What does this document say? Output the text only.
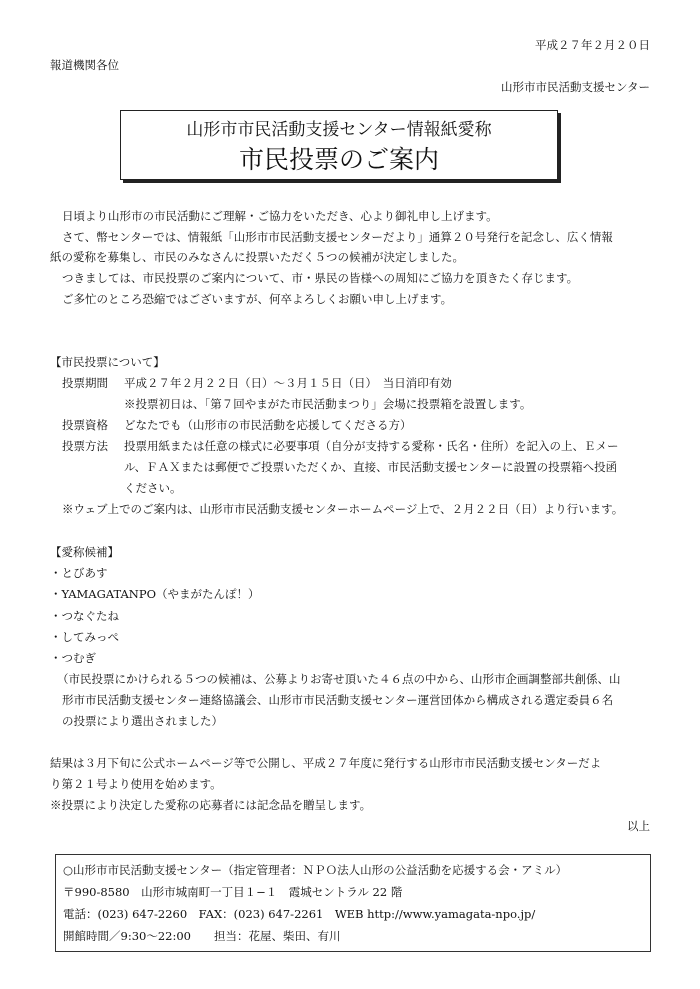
平成２７年２月２０日
報道機関各位
山形市市民活動支援センター
山形市市民活動支援センター情報紙愛称
市民投票のご案内
日頃より山形市の市民活動にご理解・ご協力をいただき、心より御礼申し上げます。
さて、幣センターでは、情報紙「山形市市民活動支援センターだより」通算２０号発行を記念し、広く情報
紙の愛称を募集し、市民のみなさんに投票いただく５つの候補が決定しました。
つきましては、市民投票のご案内について、市・県民の皆様への周知にご協力を頂きたく存じます。
ご多忙のところ恐縮ではございますが、何卒よろしくお願い申し上げます。
【市民投票について】
投票期間 平成２７年２月２２日（日）～３月１５日（日）　当日消印有効
※投票初日は、「第７回やまがた市民活動まつり」会場に投票箱を設置します。
投票資格 どなたでも（山形市の市民活動を応援してくださる方）
投票方法 投票用紙または任意の様式に必要事項（自分が支持する愛称・氏名・住所）を記入の上、Ｅメー
ル、ＦＡＸまたは郵便でご投票いただくか、直接、市民活動支援センターに設置の投票箱へ投函
ください。
※ウェブ上でのご案内は、山形市市民活動支援センターホームページ上で、２月２２日（日）より行います。
【愛称候補】
・とびあす
・YAMAGATANPO（やまがたんぽ！）
・つなぐたね
・してみっぺ
・つむぎ
（市民投票にかけられる５つの候補は、公募よりお寄せ頂いた４６点の中から、山形市企画調整部共創係、山
形市市民活動支援センター連絡協議会、山形市市民活動支援センター運営団体から構成される選定委員６名
の投票により選出されました）
結果は３月下旬に公式ホームページ等で公開し、平成２７年度に発行する山形市市民活動支援センターだよ
り第２１号より使用を始めます。
※投票により決定した愛称の応募者には記念品を贈呈します。
以上
○山形市市民活動支援センター（指定管理者：ＮＰＯ法人山形の公益活動を応援する会・アミル）
〒990-8580　山形市城南町一丁目１−１　霞城セントラル 22 階
電話：(023) 647-2260　FAX：(023) 647-2261　WEB http://www.yamagata-npo.jp/
開館時間／9:30～22:00　　担当：花屋、柴田、有川
